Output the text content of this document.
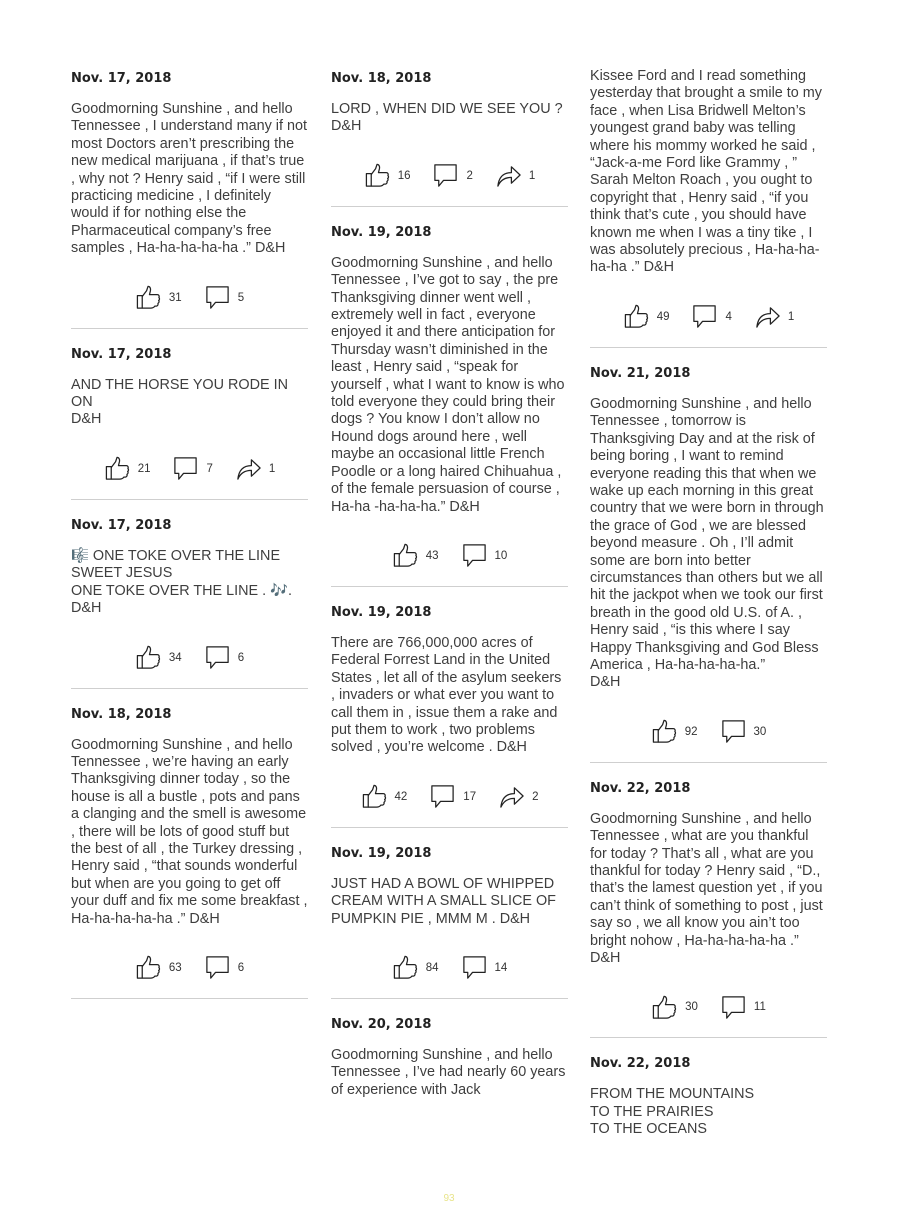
Nov. 17, 2018
Goodmorning Sunshine , and hello Tennessee , I understand many if not most Doctors aren’t prescribing the new medical marijuana , if that’s true , why not ? Henry said , “if I were still practicing medicine , I definitely would if for nothing else the Pharmaceutical company’s free samples , Ha-ha-ha-ha-ha .” D&H
31	5
Nov. 17, 2018
AND THE HORSE YOU RODE IN ON
D&H
21	7	1
Nov. 17, 2018
🎼 ONE TOKE OVER THE LINE SWEET JESUS
ONE TOKE OVER THE LINE . 🎶.
D&H
34	6
Nov. 18, 2018
Goodmorning Sunshine , and hello Tennessee , we’re having an early Thanksgiving dinner today , so the house is all a bustle , pots and pans a clanging and the smell is awesome , there will be lots of good stuff but the best of all , the Turkey dressing , Henry said , “that sounds wonderful but when are you going to get off your duff and fix me some breakfast , Ha-ha-ha-ha-ha .” D&H
63	6
Nov. 18, 2018
LORD , WHEN DID WE SEE YOU ?
D&H
16	2	1
Nov. 19, 2018
Goodmorning Sunshine , and hello Tennessee , I’ve got to say , the pre Thanksgiving dinner went well , extremely well in fact , everyone enjoyed it and there anticipation for Thursday wasn’t diminished in the least , Henry said , “speak for yourself , what I want to know is who told everyone they could bring their dogs ? You know I don’t allow no Hound dogs around here , well maybe an occasional little French Poodle or a long haired Chihuahua , of the female persuasion of course , Ha-ha -ha-ha-ha.” D&H
43	10
Nov. 19, 2018
There are 766,000,000 acres of Federal Forrest Land in the United States , let all of the asylum seekers , invaders or what ever you want to call them in , issue them a rake and put them to work , two problems solved , you’re welcome . D&H
42	17	2
Nov. 19, 2018
JUST HAD A BOWL OF WHIPPED CREAM WITH A SMALL SLICE OF PUMPKIN PIE , MMM M . D&H
84	14
Nov. 20, 2018
Goodmorning Sunshine , and hello Tennessee , I’ve had nearly 60 years of experience with Jack
Kissee Ford and I read something yesterday that brought a smile to my face , when Lisa Bridwell Melton’s youngest grand baby was telling where his mommy worked he said , “Jack-a-me Ford like Grammy , ” Sarah Melton Roach , you ought to copyright that , Henry said , “if you think that’s cute , you should have known me when I was a tiny tike , I was absolutely precious , Ha-ha-ha-ha-ha .” D&H
49	4	1
Nov. 21, 2018
Goodmorning Sunshine , and hello Tennessee , tomorrow is Thanksgiving Day and at the risk of being boring , I want to remind everyone reading this that when we wake up each morning in this great country that we were born in through the grace of God , we are blessed beyond measure . Oh , I’ll admit some are born into better circumstances than others but we all hit the jackpot when we took our first breath in the good old U.S. of A. , Henry said , “is this where I say Happy Thanksgiving and God Bless America , Ha-ha-ha-ha-ha.”
D&H
92	30
Nov. 22, 2018
Goodmorning Sunshine , and hello Tennessee , what are you thankful for today ? That’s all , what are you thankful for today ? Henry said , “D., that’s the lamest question yet , if you can’t think of something to post , just say so , we all know you ain’t too bright nohow , Ha-ha-ha-ha-ha .” D&H
30	11
Nov. 22, 2018
FROM THE MOUNTAINS
TO THE PRAIRIES
TO THE OCEANS
93
